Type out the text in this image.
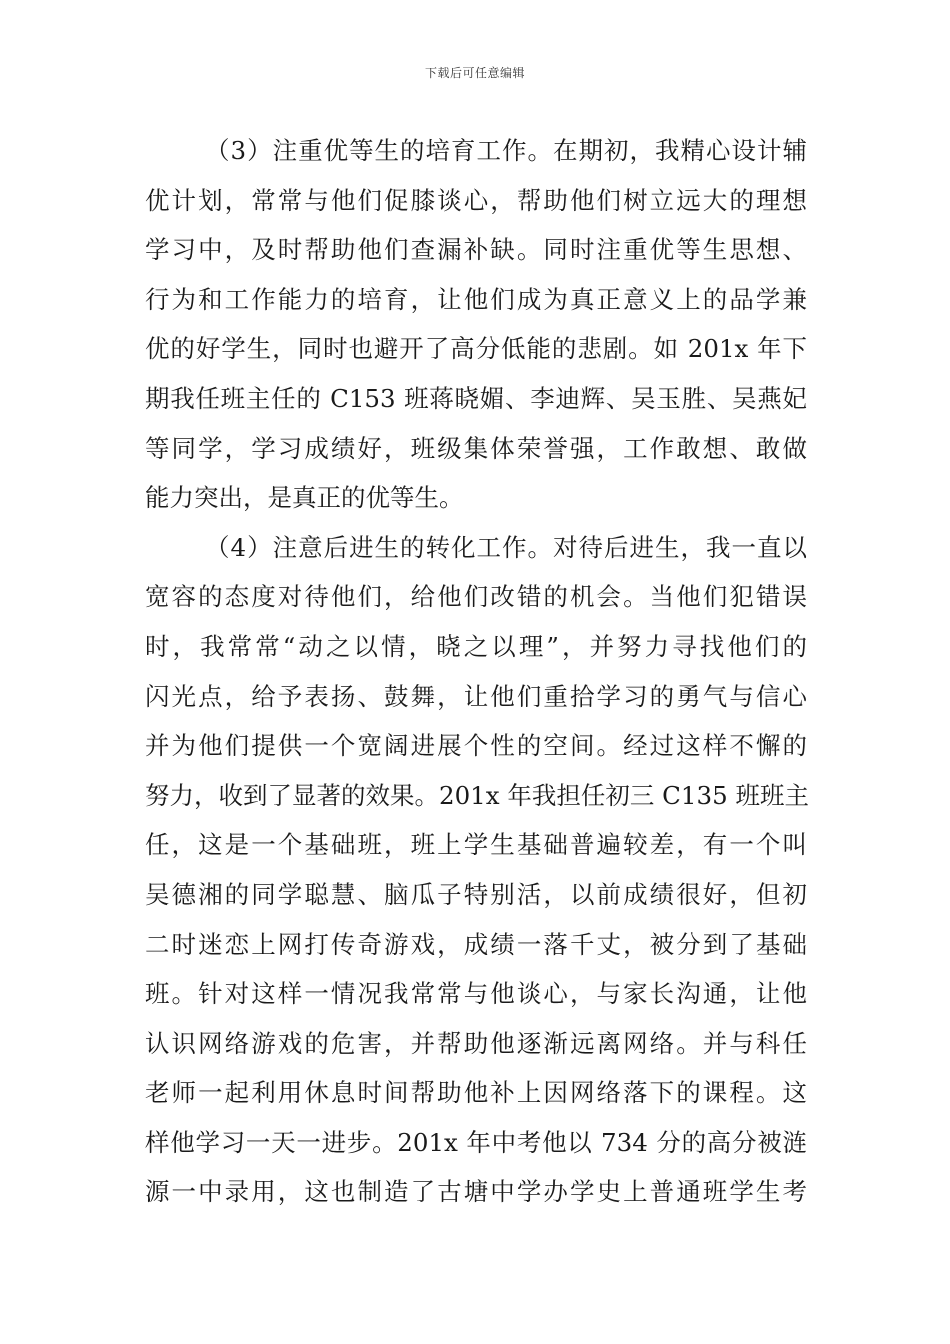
下载后可任意编辑
（3）注重优等生的培育工作。在期初，我精心设计辅
优计划，常常与他们促膝谈心，帮助他们树立远大的理想
学习中，及时帮助他们查漏补缺。同时注重优等生思想、
行为和工作能力的培育，让他们成为真正意义上的品学兼
优的好学生，同时也避开了高分低能的悲剧。如 201x 年下
期我任班主任的 C153 班蒋晓媚、李迪辉、吴玉胜、吴燕妃
等同学，学习成绩好，班级集体荣誉强，工作敢想、敢做
能力突出，是真正的优等生。
（4）注意后进生的转化工作。对待后进生，我一直以
宽容的态度对待他们，给他们改错的机会。当他们犯错误
时，我常常“动之以情，晓之以理”，并努力寻找他们的
闪光点，给予表扬、鼓舞，让他们重拾学习的勇气与信心
并为他们提供一个宽阔进展个性的空间。经过这样不懈的
努力，收到了显著的效果。201x 年我担任初三 C135 班班主
任，这是一个基础班，班上学生基础普遍较差，有一个叫
吴德湘的同学聪慧、脑瓜子特别活，以前成绩很好，但初
二时迷恋上网打传奇游戏，成绩一落千丈，被分到了基础
班。针对这样一情况我常常与他谈心，与家长沟通，让他
认识网络游戏的危害，并帮助他逐渐远离网络。并与科任
老师一起利用休息时间帮助他补上因网络落下的课程。这
样他学习一天一进步。201x 年中考他以 734 分的高分被涟
源一中录用，这也制造了古塘中学办学史上普通班学生考
